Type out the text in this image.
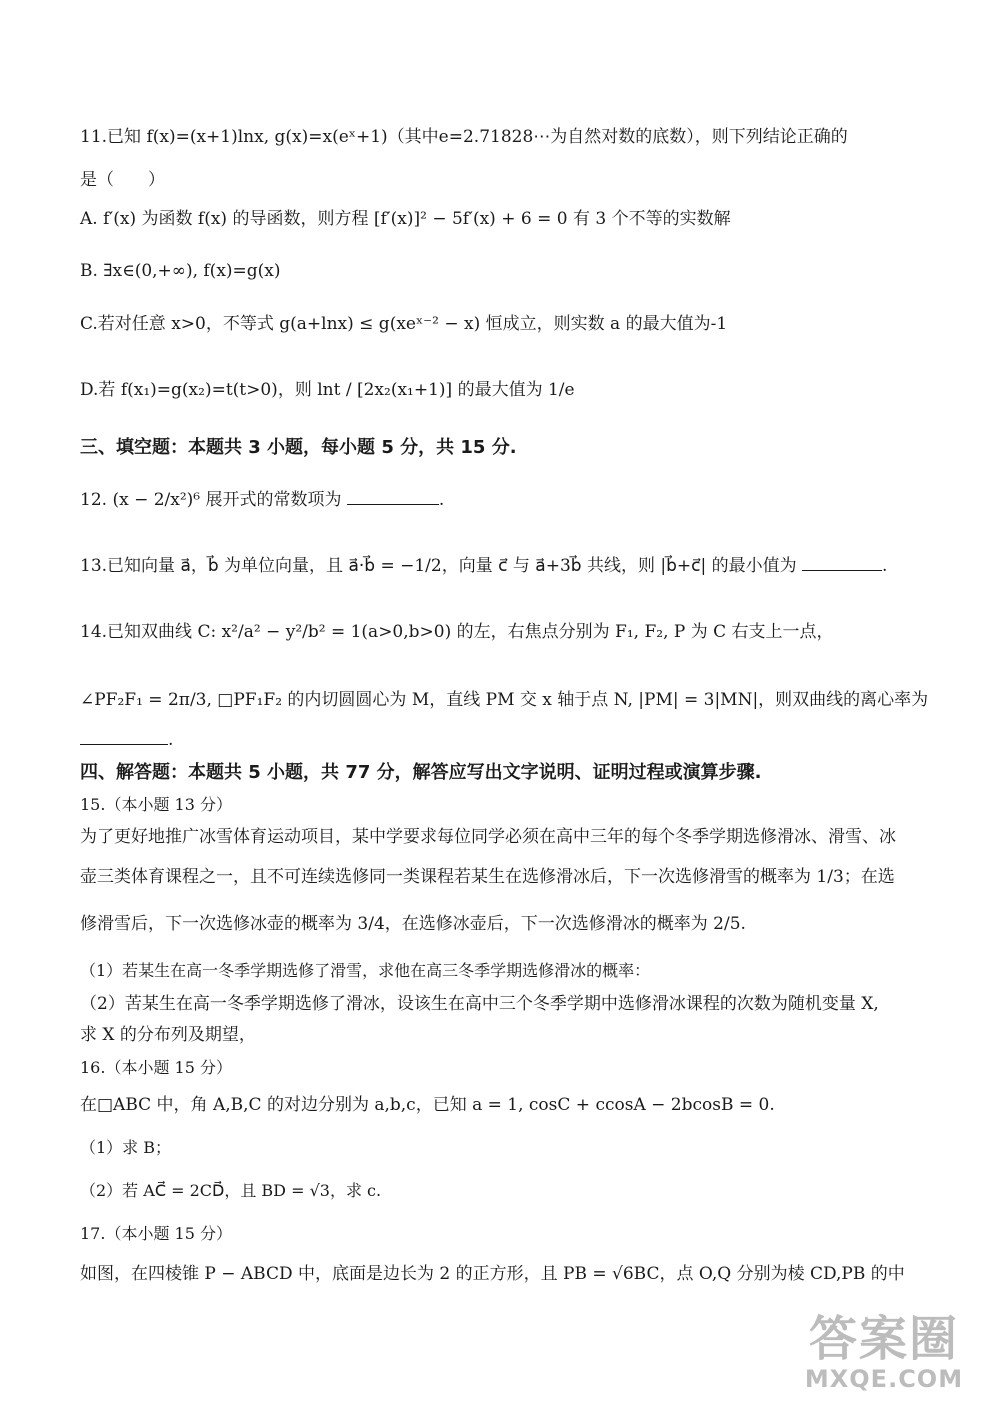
11.已知 f(x)=(x+1)lnx, g(x)=x(eˣ+1)（其中e=2.71828⋯为自然对数的底数），则下列结论正确的
是（　　）
A. f′(x) 为函数 f(x) 的导函数，则方程 [f′(x)]² − 5f′(x) + 6 = 0 有 3 个不等的实数解
B. ∃x∈(0,+∞), f(x)=g(x)
C.若对任意 x>0，不等式 g(a+lnx) ≤ g(xeˣ⁻² − x) 恒成立，则实数 a 的最大值为-1
D.若 f(x₁)=g(x₂)=t(t>0)，则 lnt / [2x₂(x₁+1)] 的最大值为 1/e
三、填空题：本题共 3 小题，每小题 5 分，共 15 分.
12. (x − 2/x²)⁶ 展开式的常数项为	.
13.已知向量 a⃗，b⃗ 为单位向量，且 a⃗·b⃗ = −1/2，向量 c⃗ 与 a⃗+3b⃗ 共线，则 |b⃗+c⃗| 的最小值为	.
14.已知双曲线 C: x²/a² − y²/b² = 1(a>0,b>0) 的左，右焦点分别为 F₁, F₂, P 为 C 右支上一点，
∠PF₂F₁ = 2π/3, □PF₁F₂ 的内切圆圆心为 M，直线 PM 交 x 轴于点 N, |PM| = 3|MN|，则双曲线的离心率为
.
四、解答题：本题共 5 小题，共 77 分，解答应写出文字说明、证明过程或演算步骤.
15.（本小题 13 分）
为了更好地推广冰雪体育运动项目，某中学要求每位同学必须在高中三年的每个冬季学期选修滑冰、滑雪、冰
壶三类体育课程之一，且不可连续选修同一类课程若某生在选修滑冰后，下一次选修滑雪的概率为 1/3；在选
修滑雪后，下一次选修冰壶的概率为 3/4，在选修冰壶后，下一次选修滑冰的概率为 2/5.
（1）若某生在高一冬季学期选修了滑雪，求他在高三冬季学期选修滑冰的概率：
（2）苦某生在高一冬季学期选修了滑冰，设该生在高中三个冬季学期中选修滑冰课程的次数为随机变量 X,
求 X 的分布列及期望，
16.（本小题 15 分）
在□ABC 中，角 A,B,C 的对边分别为 a,b,c，已知 a = 1, cosC + ccosA − 2bcosB = 0.
（1）求 B；
（2）若 AC⃗ = 2CD⃗，且 BD = √3，求 c.
17.（本小题 15 分）
如图，在四棱锥 P − ABCD 中，底面是边长为 2 的正方形，且 PB = √6BC，点 O,Q 分别为棱 CD,PB 的中
答案圈
MXQE.COM
